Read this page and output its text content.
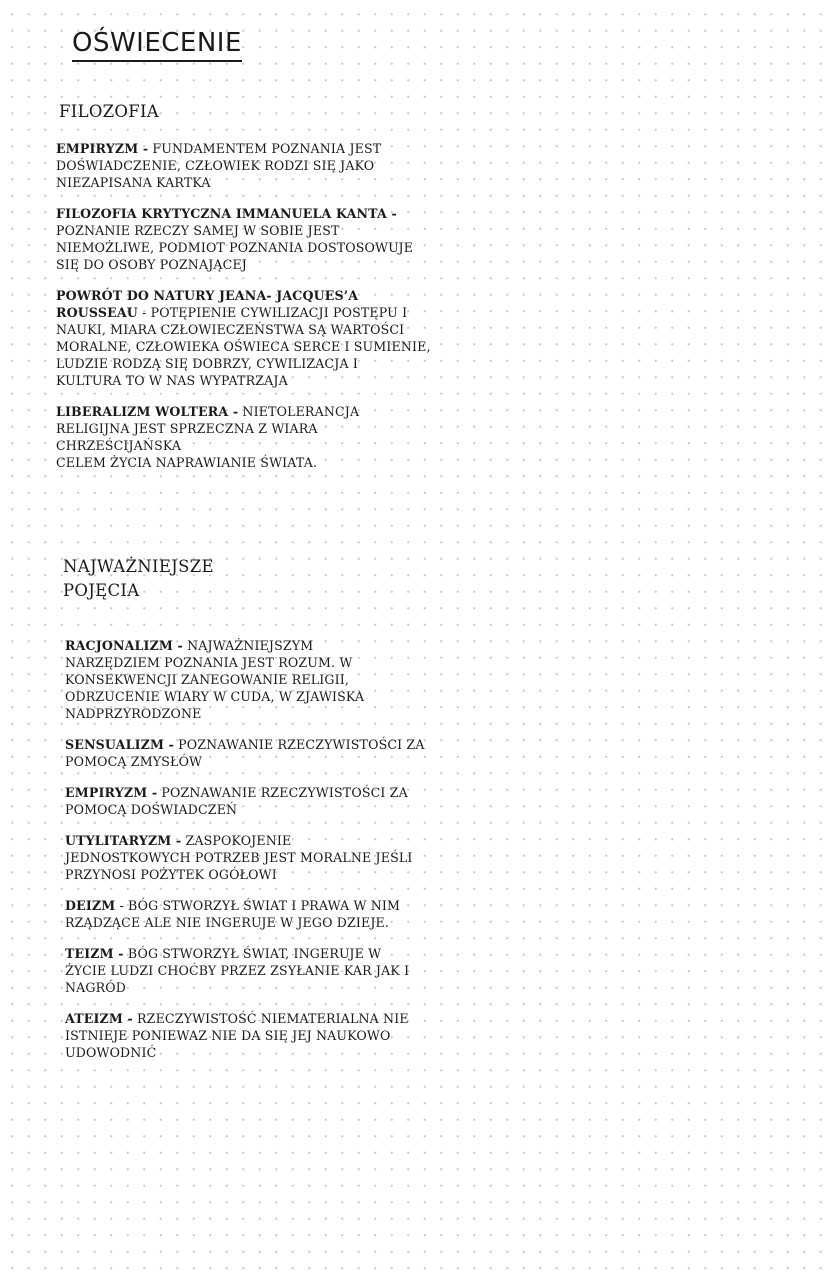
OŚWIECENIE
FILOZOFIA

EMPIRYZM - FUNDAMENTEM POZNANIA JEST
DOŚWIADCZENIE, CZŁOWIEK RODZI SIĘ JAKO
NIEZAPISANA KARTKA

FILOZOFIA KRYTYCZNA IMMANUELA KANTA -
POZNANIE RZECZY SAMEJ W SOBIE JEST
NIEMOŻLIWE, PODMIOT POZNANIA DOSTOSOWUJE
SIĘ DO OSOBY POZNAJĄCEJ

POWRÓT DO NATURY JEANA- JACQUES’A
ROUSSEAU - POTĘPIENIE CYWILIZACJI POSTĘPU I
NAUKI, MIARA CZŁOWIECZEŃSTWA SĄ WARTOŚCI
MORALNE, CZŁOWIEKA OŚWIECA SERCE I SUMIENIE,
LUDZIE RODZĄ SIĘ DOBRZY, CYWILIZACJA I
KULTURA TO W NAS WYPATRZAJA

LIBERALIZM WOLTERA - NIETOLERANCJA
RELIGIJNA JEST SPRZECZNA Z WIARA
CHRZEŚCIJAŃSKA
CELEM ŻYCIA NAPRAWIANIE ŚWIATA.

NAJWAŻNIEJSZE
POJĘCIA

RACJONALIZM - NAJWAŻNIEJSZYM
NARZĘDZIEM POZNANIA JEST ROZUM. W
KONSEKWENCJI ZANEGOWANIE RELIGII,
ODRZUCENIE WIARY W CUDA, W ZJAWISKA
NADPRZYRODZONE

SENSUALIZM - POZNAWANIE RZECZYWISTOŚCI ZA
POMOCĄ ZMYSŁÓW

EMPIRYZM - POZNAWANIE RZECZYWISTOŚCI ZA
POMOCĄ DOŚWIADCZEŃ

UTYLITARYZM - ZASPOKOJENIE
JEDNOSTKOWYCH POTRZEB JEST MORALNE JEŚLI
PRZYNOSI POŻYTEK OGÓŁOWI

DEIZM - BÓG STWORZYŁ ŚWIAT I PRAWA W NIM
RZĄDZĄCE ALE NIE INGERUJE W JEGO DZIEJE.

TEIZM - BÓG STWORZYŁ ŚWIAT, INGERUJE W
ŻYCIE LUDZI CHOĆBY PRZEZ ZSYŁANIE KAR JAK I
NAGRÓD

ATEIZM - RZECZYWISTOŚĆ NIEMATERIALNA NIE
ISTNIEJE PONIEWAZ NIE DA SIĘ JEJ NAUKOWO
UDOWODNIĆ
